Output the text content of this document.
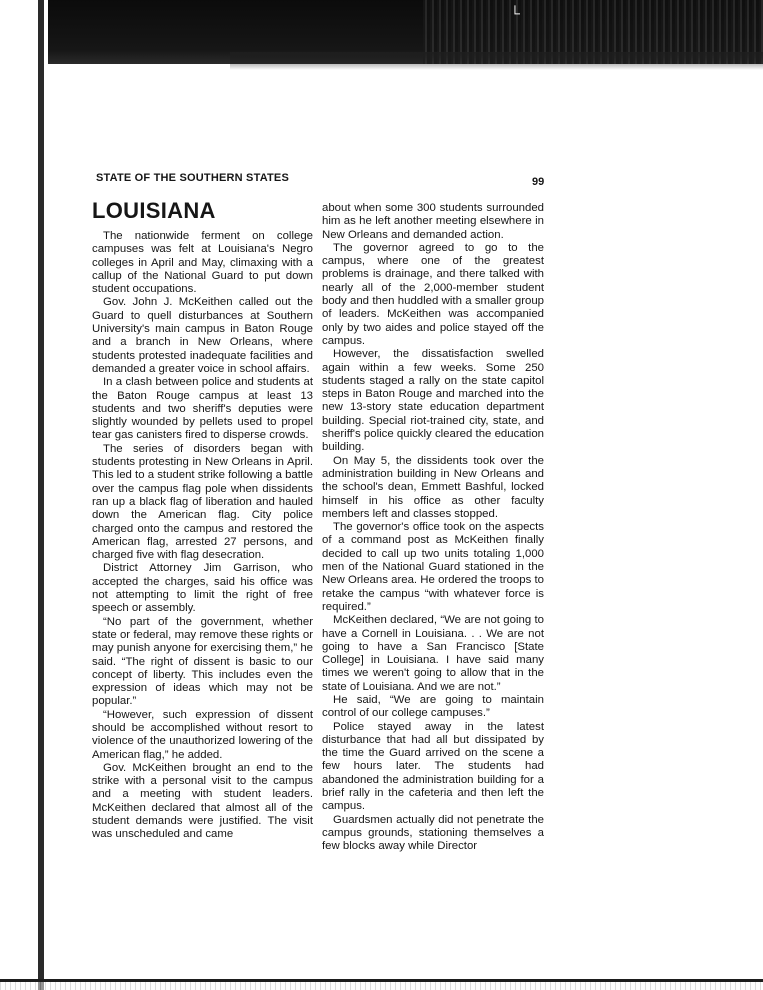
└
STATE OF THE SOUTHERN STATES	99
LOUISIANA

The nationwide ferment on college campuses was felt at Louisiana's Negro colleges in April and May, climaxing with a callup of the National Guard to put down student occupations.

Gov. John J. McKeithen called out the Guard to quell disturbances at Southern University's main campus in Baton Rouge and a branch in New Orleans, where students protested inadequate facilities and demanded a greater voice in school affairs.

In a clash between police and students at the Baton Rouge campus at least 13 students and two sheriff's deputies were slightly wounded by pellets used to propel tear gas canisters fired to disperse crowds.

The series of disorders began with students protesting in New Orleans in April. This led to a student strike following a battle over the campus flag pole when dissidents ran up a black flag of liberation and hauled down the American flag. City police charged onto the campus and restored the American flag, arrested 27 persons, and charged five with flag desecration.

District Attorney Jim Garrison, who accepted the charges, said his office was not attempting to limit the right of free speech or assembly.

“No part of the government, whether state or federal, may remove these rights or may punish anyone for exercising them,” he said. “The right of dissent is basic to our concept of liberty. This includes even the expression of ideas which may not be popular.”

“However, such expression of dissent should be accomplished without resort to violence of the unauthorized lowering of the American flag,” he added.

Gov. McKeithen brought an end to the strike with a personal visit to the campus and a meeting with student leaders. McKeithen declared that almost all of the student demands were justified. The visit was unscheduled and came

about when some 300 students surrounded him as he left another meeting elsewhere in New Orleans and demanded action.

The governor agreed to go to the campus, where one of the greatest problems is drainage, and there talked with nearly all of the 2,000-member student body and then huddled with a smaller group of leaders. McKeithen was accompanied only by two aides and police stayed off the campus.

However, the dissatisfaction swelled again within a few weeks. Some 250 students staged a rally on the state capitol steps in Baton Rouge and marched into the new 13-story state education department building. Special riot-trained city, state, and sheriff's police quickly cleared the education building.

On May 5, the dissidents took over the administration building in New Orleans and the school's dean, Emmett Bashful, locked himself in his office as other faculty members left and classes stopped.

The governor's office took on the aspects of a command post as McKeithen finally decided to call up two units totaling 1,000 men of the National Guard stationed in the New Orleans area. He ordered the troops to retake the campus “with whatever force is required.”

McKeithen declared, “We are not going to have a Cornell in Louisiana. . . We are not going to have a San Francisco [State College] in Louisiana. I have said many times we weren't going to allow that in the state of Louisiana. And we are not.”

He said, “We are going to maintain control of our college campuses.”

Police stayed away in the latest disturbance that had all but dissipated by the time the Guard arrived on the scene a few hours later. The students had abandoned the administration building for a brief rally in the cafeteria and then left the campus.

Guardsmen actually did not penetrate the campus grounds, stationing themselves a few blocks away while Director
